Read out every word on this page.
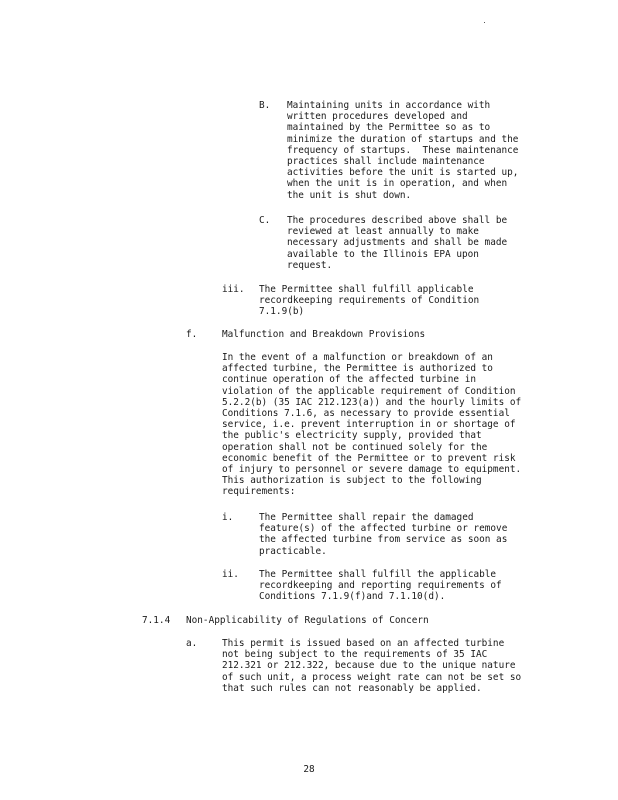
B. Maintaining units in accordance with
written procedures developed and
maintained by the Permittee so as to
minimize the duration of startups and the
frequency of startups.  These maintenance
practices shall include maintenance
activities before the unit is started up,
when the unit is in operation, and when
the unit is shut down.
C. The procedures described above shall be
reviewed at least annually to make
necessary adjustments and shall be made
available to the Illinois EPA upon
request.
iii. The Permittee shall fulfill applicable
recordkeeping requirements of Condition
7.1.9(b)
f.	Malfunction and Breakdown Provisions
In the event of a malfunction or breakdown of an
affected turbine, the Permittee is authorized to
continue operation of the affected turbine in
violation of the applicable requirement of Condition
5.2.2(b) (35 IAC 212.123(a)) and the hourly limits of
Conditions 7.1.6, as necessary to provide essential
service, i.e. prevent interruption in or shortage of
the public's electricity supply, provided that
operation shall not be continued solely for the
economic benefit of the Permittee or to prevent risk
of injury to personnel or severe damage to equipment.
This authorization is subject to the following
requirements:
i.	The Permittee shall repair the damaged
feature(s) of the affected turbine or remove
the affected turbine from service as soon as
practicable.
ii. The Permittee shall fulfill the applicable
recordkeeping and reporting requirements of
Conditions 7.1.9(f)and 7.1.10(d).
7.1.4 Non-Applicability of Regulations of Concern
a.	This permit is issued based on an affected turbine
not being subject to the requirements of 35 IAC
212.321 or 212.322, because due to the unique nature
of such unit, a process weight rate can not be set so
that such rules can not reasonably be applied.
28
